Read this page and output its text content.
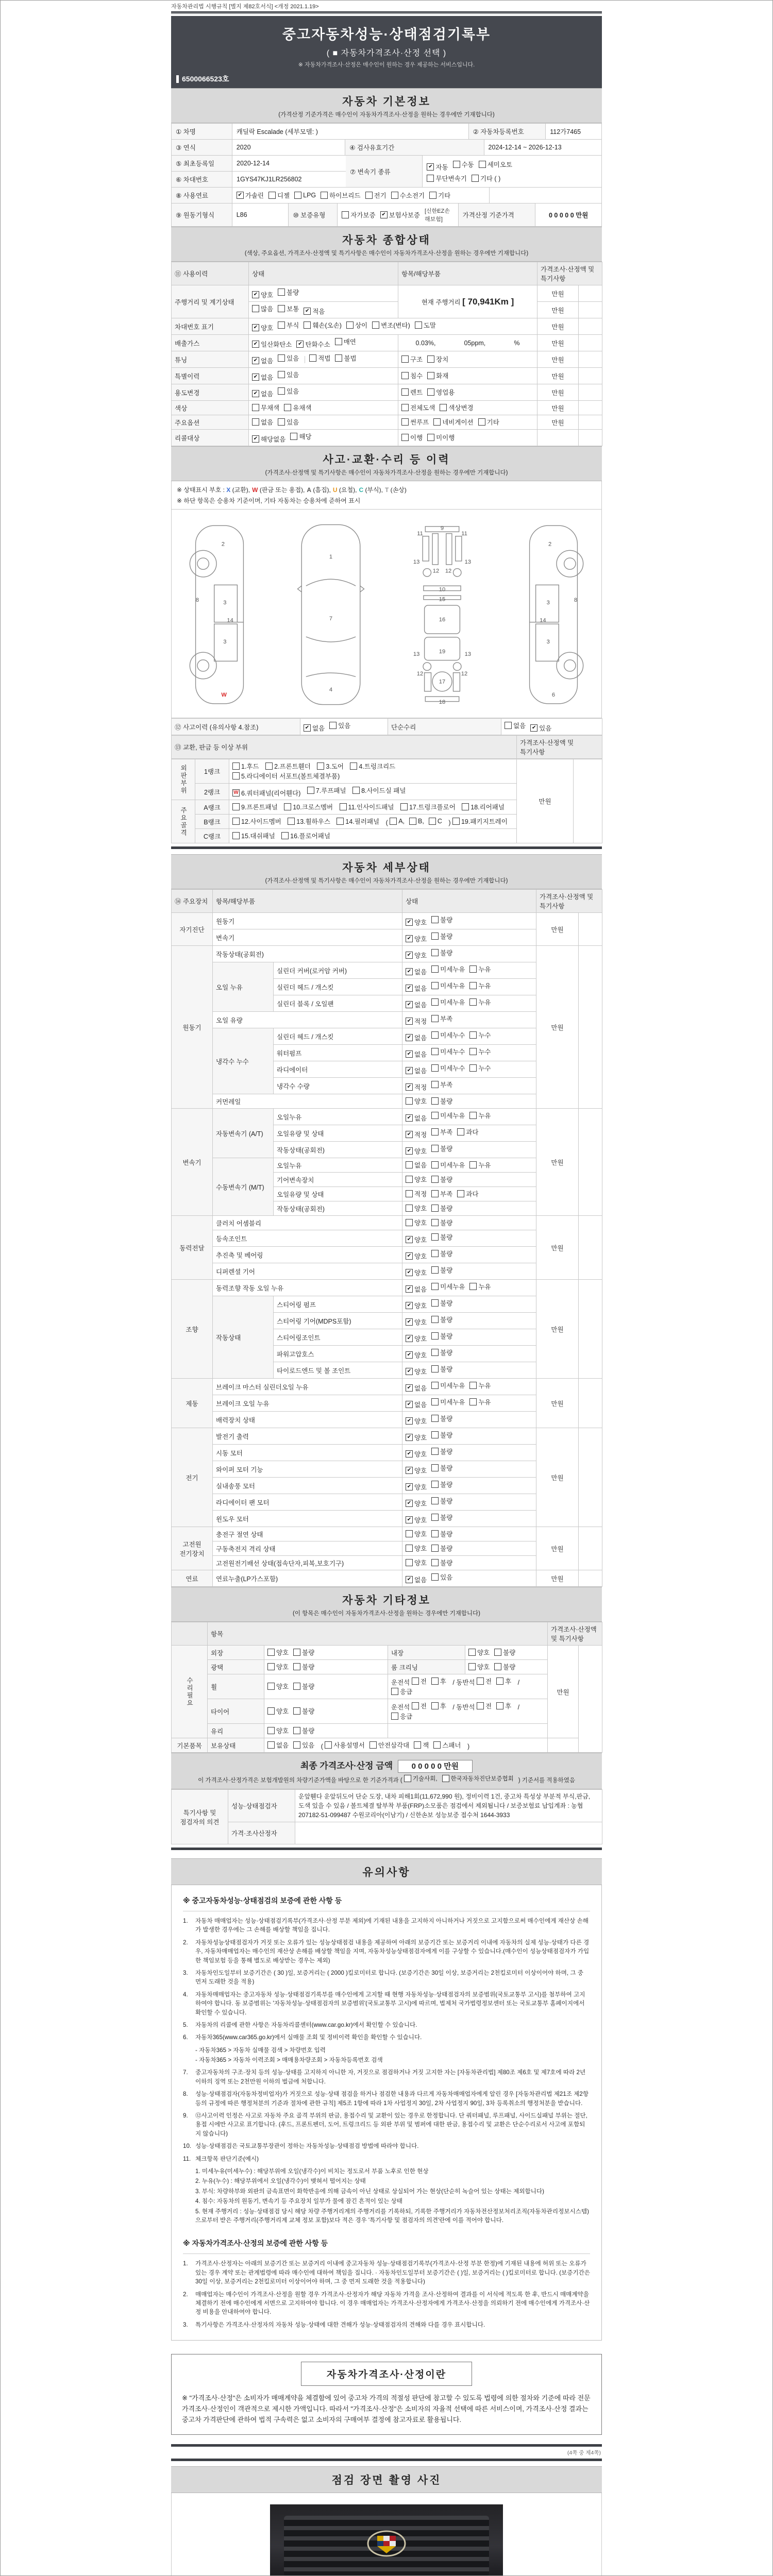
자동차관리법 시행규칙 [별지 제82호서식] <개정 2021.1.19>
중고자동차성능·상태점검기록부
( ■ 자동차가격조사·산정 선택 )
※ 자동차가격조사·산정은 매수인이 원하는 경우 제공하는 서비스입니다.
6500066523호
자동차 기본정보
(가격산정 기준가격은 매수인이 자동차가격조사·산정을 원하는 경우에만 기재합니다)
① 차명	캐딜락 Escalade (세부모델: )	② 자동차등록번호	112가7465
③ 연식	2020	④ 검사유효기간	2024-12-14 ~ 2026-12-13
⑤ 최초등록일	2020-12-14
⑥ 차대번호	1GYS47KJ1LR256802
⑦ 변속기 종류
✔ 자동 수동 세미오토
무단변속기 기타 ( )
⑧ 사용연료	✔ 가솔린 디젤 LPG 하이브리드 전기 수소전기 기타
⑨ 원동기형식	L86	⑩ 보증유형	자가보증 ✔ 보험사보증
[신한EZ손해보험]
가격산정 기준가격	0 0 0 0 0 만원
자동차 종합상태
(색상, 주요옵션, 가격조사·산정액 및 특기사항은 매수인이 자동차가격조사·산정을 원하는 경우에만 기재합니다)
⑪ 사용이력	상태	항목/해당부품	가격조사·산정액 및 특기사항	
주행거리 및 계기상태	✔ 양호 불량	현재 주행거리 [ 70,941Km ]	만원	

	많음 보통 ✔ 적음		만원	
차대번호 표기	✔ 양호 부식 훼손(오손) 상이 변조(변타) 도말	만원	
배출가스	✔ 일산화탄소 ✔ 탄화수소 매연	0.03%, 05ppm, %	만원	
튜닝	✔ 없음 있음 적법 불법	구조 장치	만원	
특별이력	✔ 없음 있음	침수 화재	만원	
용도변경	✔ 없음 있음	렌트 영업용	만원	
색상	무채색 유채색	전체도색 색상변경	만원	
주요옵션	없음 있음	썬루프 네비게이션 기타	만원	
리콜대상	✔ 해당없음 해당	이행 미이행		

사고·교환·수리 등 이력
(가격조사·산정액 및 특기사항은 매수인이 자동차가격조사·산정을 원하는 경우에만 기재합니다)
※ 상태표시 부호 : X (교환), W (판금 또는 용접), A (흠집), U (요철), C (부식), T (손상)
※ 하단 항목은 승용차 기준이며, 기타 자동차는 승용차에 준하여 표시
2
8	3
14
3
W
1
7
4
9
11	11
13	13
12 12
10
15
16
19
13	13
12	12
17
18
2
3	8
14
3
6
⑫ 사고이력 (유의사항 4.참조)	✔ 없음 있음	단순수리	없음 ✔ 있음
⑬ 교환, 판금 등 이상 부위	가격조사·산정액 및 특기사항
외판부위	1랭크	1.후드
2.프론트휀더
3.도어
4.트렁크리드

5.라디에이터 서포트(볼트체결부품)	만원	
	2랭크	W 6.쿼터패널(리어휀다)
7.루프패널
8.사이드실 패널		

주요골격	A랭크	9.프론트패널
10.크로스멤버
11.인사이드패널
17.트렁크플로어
18.리어패널		

B랭크	12.사이드멤버
13.휠하우스
14.필러패널 ( A, B, C ) 19.패키지트레이

	C랭크	15.대쉬패널
16.플로어패널		
자동차 세부상태
(가격조사·산정액 및 특기사항은 매수인이 자동차가격조사·산정을 원하는 경우에만 기재합니다)
⑭ 주요장치	항목/해당부품		상태	가격조사·산정액 및 특기사항	
자기진단	원동기		✔ 양호 불량	만원	
	변속기		✔ 양호 불량		

원동기	작동상태(공회전)		✔ 양호 불량	만원	
	오일 누유	실린더 커버(로커암 커버)	✔ 없음 미세누유 누유		

		실린더 헤드 / 개스킷	✔ 없음 미세누유 누유		

		실린더 블록 / 오일팬	✔ 없음 미세누유 누유		

	오일 유량		✔ 적정 부족		

	냉각수 누수	실린더 헤드 / 개스킷	✔ 없음 미세누수 누수		

		워터펌프	✔ 없음 미세누수 누수		

		라디에이터	✔ 없음 미세누수 누수		

		냉각수 수량	✔ 적정 부족		

	커먼레일		양호 불량		

변속기	자동변속기 (A/T)	오일누유	✔ 없음 미세누유 누유	만원	
		오일유량 및 상태	✔ 적정 부족 과다		

		작동상태(공회전)	✔ 양호 불량		

	수동변속기 (M/T)	오일누유	없음 미세누유 누유		

		기어변속장치	양호 불량		

		오일유량 및 상태	적정 부족 과다		

		작동상태(공회전)	양호 불량		

동력전달	클러치 어셈블리		양호 불량	만원	
	등속조인트		✔ 양호 불량		

	추진축 및 베어링		✔ 양호 불량		

	디퍼렌셜 기어		✔ 양호 불량		

조향	동력조향 작동 오일 누유		✔ 없음 미세누유 누유	만원	
	작동상태	스티어링 펌프	✔ 양호 불량		

		스티어링 기어(MDPS포함)	✔ 양호 불량		

		스티어링조인트	✔ 양호 불량		

		파워고압호스	✔ 양호 불량		

		타이로드엔드 및 볼 조인트	✔ 양호 불량		

제동	브레이크 마스터 실린더오일 누유		✔ 없음 미세누유 누유	만원	
	브레이크 오일 누유		✔ 없음 미세누유 누유		

	배력장치 상태		✔ 양호 불량		

전기	발전기 출력		✔ 양호 불량	만원	
	시동 모터		✔ 양호 불량		

	와이퍼 모터 기능		✔ 양호 불량		

	실내송풍 모터		✔ 양호 불량		

	라디에이터 팬 모터		✔ 양호 불량		

	윈도우 모터		✔ 양호 불량		

고전원 전기장치	충전구 절연 상태		양호 불량	만원	
	구동축전지 격리 상태		양호 불량		

	고전원전기배선 상태(접속단자,피복,보호기구)		양호 불량		

연료	연료누출(LP가스포함)		✔ 없음 있음	만원	
자동차 기타정보
(이 항목은 매수인이 자동차가격조사·산정을 원하는 경우에만 기재합니다)
	항목				가격조사·산정액 및 특기사항	
수리필요	외장	양호 불량	내장	양호 불량	만원	
	광택	양호 불량	룸 크리닝	양호 불량		

휠	양호 불량
	운전석 전 후 / 동반석 전 후 /
응급

타이어	양호 불량
	운전석 전 후 / 동반석 전 후 /
응급

	유리	양호 불량				

기본품목	보유상태	없음 있음 ( 사용설명서 안전삼각대 잭 스패너 )	
최종 가격조사·산정 금액  0 0 0 0 0 만원
이 가격조사·산정가격은 보험개발원의 차량기준가액을 바탕으로 한 기준가격과 ( 기술사회, 한국자동차진단보증협회 ) 기준서를 적용하였음
특기사항 및 점검자의 의견	성능·상태점검자	운앞휀다 운앞뒤도어 단순 도장, 내차 피해1회(11,672,990 원), 정비이력 1건, 중고차 특성상 부분적 부식,판금, 도색 있을 수 있음 / 볼트체결 탈부착 부품(FRP)소모품은 점검에서 제외됩니다 / 보증보험료 납입계좌 : 농협 207182-51-099487 수원코리아(이남기) / 신한손보 성능보증 접수처 1644-3933
	가격·조사산정자	
유의사항
※ 중고자동차성능·상태점검의 보증에 관한 사항 등
1.	자동차 매매업자는 성능·상태점검기록부(가격조사·산정 부분 제외)에 기재된 내용을 고지하지 아니하거나 거짓으로 고지함으로써 매수인에게 재산상 손해가 발생한 경우에는 그 손해를 배상할 책임을 집니다.
2.	자동차성능상태점검자가 거짓 또는 오류가 있는 성능상태점검 내용을 제공하여 아래의 보증기간 또는 보증거리 이내에 자동차의 실제 성능·상태가 다른 경우, 자동차매매업자는 매수인의 재산상 손해를 배상할 책임을 지며, 자동차성능상태점검자에게 이를 구상할 수 있습니다.(매수인이 성능상태점검자가 가입한 책임보험 등을 통해 별도로 배상받는 경우는 제외)
3.	자동차인도일부터 보증기간은 ( 30 )일, 보증거리는 ( 2000 )킬로미터로 합니다. (보증기간은 30일 이상, 보증거리는 2천킬로미터 이상이어야 하며, 그 중 먼저 도래한 것을 적용)
4.	자동차매매업자는 중고자동차 성능·상태점검기록부를 매수인에게 고지할 때 현행 자동차성능·상태점검자의 보증범위(국토교통부 고시)를 첨부하여 고지하여야 합니다. 동 보증범위는 '자동차성능·상태점검자의 보증범위'(국토교통부 고시)에 따르며, 법제처 국가법령정보센터 또는 국토교통부 홈페이지에서 확인할 수 있습니다.
5.	자동차의 리콜에 관한 사항은 자동차리콜센터(www.car.go.kr)에서 확인할 수 있습니다.
6.	자동차365(www.car365.go.kr)에서 실매물 조회 및 정비이력 확인을 확인할 수 있습니다.
- 자동차365 > 자동차 실매물 검색 > 차량번호 입력
- 자동차365 > 자동차 이력조회 > 매매용차량조회 > 자동차등록번호 검색
7.	중고자동차의 구조·장치 등의 성능·상태를 고지하지 아니한 자, 거짓으로 점검하거나 거짓 고지한 자는 [자동차관리법] 제80조 제6호 및 제7호에 따라 2년 이하의 징역 또는 2천만원 이하의 벌금에 처합니다.
8.	성능·상태점검자(자동차정비업자)가 거짓으로 성능·상태 점검을 하거나 점검한 내용과 다르게 자동차매매업자에게 알린 경우 [자동차관리법 제21조 제2항 등의 규정에 따른 행정처분의 기준과 절차에 관한 규칙] 제5조 1항에 따라 1차 사업정지 30일, 2차 사업정지 90일, 3차 등록취소의 행정처분을 받습니다.
9.	⑫사고이력 인정은 사고로 자동차 주요 골격 부위의 판금, 용접수리 및 교환이 있는 경우로 한정합니다. 단 쿼터패널, 루프패널, 사이드실패널 부위는 절단, 용접 시에만 사고로 표기합니다. (후드, 프론트펜더, 도어, 트렁크리드 등 외판 부위 및 범퍼에 대한 판금, 용접수리 및 교환은 단순수리로서 사고에 포함되지 않습니다)
10. 성능·상태점검은 국토교통부장관이 정하는 자동차성능·상태점검 방법에 따라야 합니다.
11. 체크항목 판단기준(예시)
1. 미세누유(미세누수) : 해당부위에 오일(냉각수)이 비치는 정도로서 부품 노후로 인한 현상
2. 누유(누수) : 해당부위에서 오일(냉각수)이 맺혀서 떨어지는 상태
3. 부식: 차량하부와 외판의 금속표면이 화학반응에 의해 금속이 아닌 상태로 상실되어 가는 현상(단순히 녹슬어 있는 상태는 제외합니다)
4. 침수: 자동차의 원동기, 변속기 등 주요장치 일부가 물에 잠긴 흔적이 있는 상태
5. 현재 주행거리 : 성능·상태점검 당시 해당 차량 주행거리계의 주행거리를 기록하되, 기록한 주행거리가 자동차전산정보처리조직(자동차관리정보시스템)으로부터 받은 주행거리(주행거리계 교체 정보 포함)보다 적은 경우 '특기사항 및 점검자의 의견'란에 이를 적어야 합니다.
※ 자동차가격조사·산정의 보증에 관한 사항 등
1.	가격조사·산정자는 아래의 보증기간 또는 보증거리 이내에 중고자동차 성능·상태점검기록부(가격조사·산정 부분 한정)에 기재된 내용에 허위 또는 오류가 있는 경우 계약 또는 관계법령에 따라 매수인에 대하여 책임을 집니다. · 자동차인도일부터 보증기간은 ( )일, 보증거리는 ( )킬로미터로 합니다. (보증기간은 30일 이상, 보증거리는 2천킬로미터 이상이어야 하며, 그 중 먼저 도래한 것을 적용합니다)
2.	매매업자는 매수인이 가격조사·산정을 원할 경우 가격조사·산정자가 해당 자동차 가격을 조사·산정하여 결과를 이 서식에 적도록 한 후, 반드시 매매계약을 체결하기 전에 매수인에게 서면으로 고지하여야 합니다. 이 경우 매매업자는 가격조사·산정자에게 가격조사·산정을 의뢰하기 전에 매수인에게 가격조사·산정 비용을 안내하여야 합니다.
3.	특기사항은 가격조사·산정자의 자동차 성능·상태에 대한 견해가 성능·상태점검자의 견해와 다를 경우 표시합니다.
자동차가격조사·산정이란
※ "가격조사·산정"은 소비자가 매매계약을 체결함에 있어 중고차 가격의 적절성 판단에 참고할 수 있도록 법령에 의한 절차와 기준에 따라 전문 가격조사·산정인이 객관적으로 제시한 가액입니다. 따라서 "가격조사·산정"은 소비자의 자율적 선택에 따른 서비스이며, 가격조사·산정 결과는 중고차 가격판단에 관하여 법적 구속력은 없고 소비자의 구매여부 결정에 참고자료로 활용됩니다.
(4쪽 중 제4쪽)
점검 장면 촬영 사진
